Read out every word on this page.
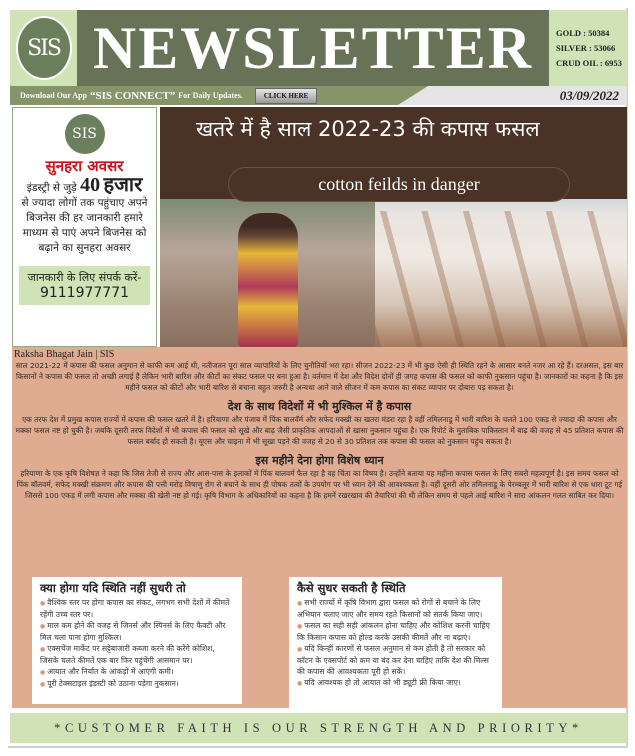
SIS NEWSLETTER	GOLD : 50384
SILVER : 53066
CRUD OIL : 6953
Download Our App “SIS CONNECT” For Daily Updates.	CLICK HERE	03/09/2022
SIS
सुनहरा अवसर
इंडस्ट्री से जुड़े 40 हजार
से ज्यादा लोगों तक पहुंचाए अपने बिजनेस की हर जानकारी हमारे माध्यम से पाएं अपने बिजनेस को बढ़ाने का सुनहरा अवसर
जानकारी के लिए संपर्क करें-
9111977771
खतरे में है साल 2022-23 की कपास फसल
cotton feilds in danger
Raksha Bhagat Jain | SIS
साल 2021-22 में कपास की फसल अनुमान से काफी कम आई थी, नतीजतन पूरा साल व्यापारियों के लिए चुनौतियों भरा रहा। सीजन 2022-23 में भी कुछ ऐसी ही स्थिति रहने के आसार बनते नजर आ रहे हैं। दरअसल, इस बार किसानों ने कपास की फसल तो अच्छी लगाई है लेकिन भारी बारिश और कीटों का संकट फसल पर बना हुआ है। वर्तमान में देश और विदेश दोनों ही जगह कपास की फसल को काफी नुकसान पहुंचा है। जानकारों का कहना है कि इस महीने फसल को कीटों और भारी बारिश से बचाना बहुत जरुरी है अन्यथा आने वाले सीजन में कम कपास का संकट व्यापार पर दोबारा पड़ सकता है।
देश के साथ विदेशों में भी मुश्किल में है कपास
एक तरफ देश में प्रमुख कपास राज्यों में कपास की फसल खतरे में है। हरियाणा और पंजाब में पिंक बालवॅर्म और सफेद मक्खी का खतरा मंडरा रहा है वहीं तमिलनाडू में भारी बारिश के चलते 100 एकड़ से ज्यादा की कपास और मक्का फसल नष्ट हो चुकी है। जबकि दूसरी तरफ विदेशों में भी कपास की फसल को सूखे और बाढ़ जैसी प्राकृतिक आपदाओं से खासा नुकसान पहुंचा है। एक रिपोर्ट के मुताबिक पाकिस्तान में बाढ़ की वजह से 45 प्रतिशत कपास की फसल बर्बाद हो सकती है। यूएस और चाइना में भी सूखा पड़ने की वजह से 20 से 30 प्रतिशत तक कपास की फसल को नुकसान पहुंच सकता है।
इस महीने देना होगा विशेष ध्यान
हरियाणा के एक कृषि विशेषज्ञ ने कहा कि जिस तेजी से राज्य और आस-पास के इलाकों में पिंक बालवर्म फैल रहा है वह चिंता का विषय है। उन्होंने बताया यह महीना कपास फसल के लिए सबसे महत्वपूर्ण है। इस समय फसल को पिंक बॉलवर्म, सफेद मक्खी संक्रमण और कपास की पत्ती मरोड़ विषाणु रोग से बचाने के साथ ही पोषक तत्वों के उपयोग पर भी ध्यान देने की आवश्यकता है। वहीं दूसरी ओर तमिलनाडू के पेरम्बलूर में भारी बारिश से एक धारा टूट गई जिससे 100 एकड़ में लगी कपास और मक्का की खेती नष्ट हो गई। कृषि विभाग के अधिकारियों का कहना है कि हमनें रखरखाव की तैयारियां की थी लेकिन समय से पहले आई बारिश ने सारा आंकलन गलत साबित कर दिया।
क्या होगा यदि स्थिति नहीं सुधरी तो
● वैश्विक स्तर पर होगा कपास का संकट, लगभग सभी देशों में कीमतें रहेंगी उच्च स्तर पर।
● माल कम होने की वजह से जिनर्स और स्पिनर्स के लिए फैक्टी और मिल चला पाना होगा मुश्किल।
● एक्सचेंज मार्केट पर सट्टेबाजारी कब्जा करने की करेंगे कोशिश, जिसके चलते कीमतें एक बार फिर पहुंचेंगी आसमान पर।
● आयात और निर्यात के आंकड़ों में आएंगी कमी।
● पूरी टेक्सटाइल इंडस्टी को उठाना पड़ेगा नुकसान।
कैसे सुधर सकती है स्थिति
● सभी राज्यों में कृषि विभाग द्वारा फसल को रोगों से बचाने के लिए अभियान चलाए जाए और समय रहते किसानों को सतर्क किया जाए।
● फसल का सही सही आंकलन होना चाहिए और कोशिश करनी चाहिए कि किसान कपास को होल्ड करके उसकी कीमतें और ना बढ़ाएं।
● यदि किन्हीं कारणों से फसल अनुमान से कम होती है तो सरकार को कॉटन के एक्सपोर्ट को कम या बंद कर देना चाहिए ताकि देश की मिल्स की कपास की आवश्यकता पूरी हो सकें।
● यदि आवश्यक हो तो आयात को भी ड्यूटी फ्री किया जाए।
*CUSTOMER FAITH IS OUR STRENGTH AND PRIORITY*
